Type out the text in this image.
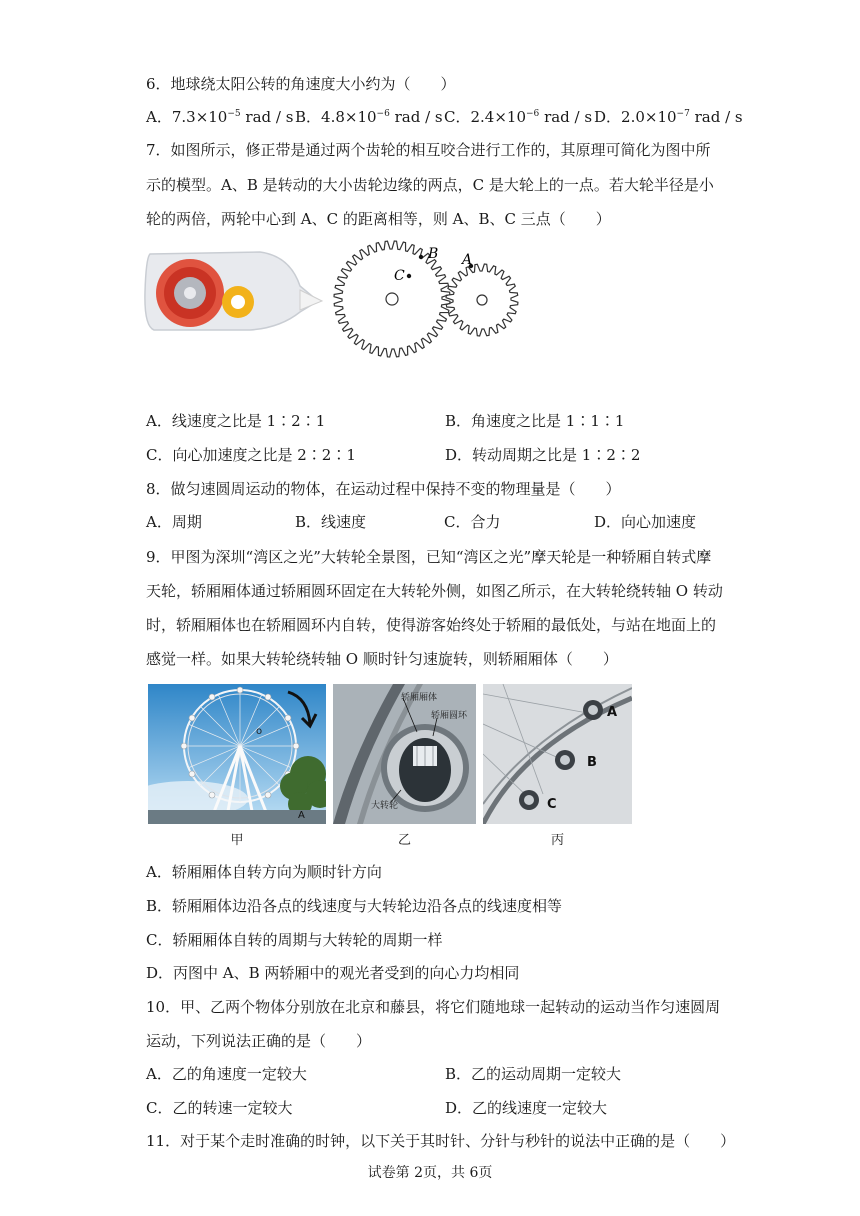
6．地球绕太阳公转的角速度大小约为（　　）
A．$7.3\times 10^{-5}$ rad / s B．$4.8\times 10^{-6}$ rad / s C．$2.4\times 10^{-6}$ rad / s D．$2.0\times 10^{-7}$ rad / s
7．如图所示，修正带是通过两个齿轮的相互咬合进行工作的，其原理可简化为图中所
示的模型。A、B 是转动的大小齿轮边缘的两点，C 是大轮上的一点。若大轮半径是小
轮的两倍，两轮中心到 A、C 的距离相等，则 A、B、C 三点（　　）
B
C
A
A．线速度之比是 1∶2∶1	B．角速度之比是 1∶1∶1
C．向心加速度之比是 2∶2∶1	D．转动周期之比是 1∶2∶2
8．做匀速圆周运动的物体，在运动过程中保持不变的物理量是（　　）
A．周期	B．线速度	C．合力	D．向心加速度
9．甲图为深圳“湾区之光”大转轮全景图，已知“湾区之光”摩天轮是一种轿厢自转式摩
天轮，轿厢厢体通过轿厢圆环固定在大转轮外侧，如图乙所示，在大转轮绕转轴 O 转动
时，轿厢厢体也在轿厢圆环内自转，使得游客始终处于轿厢的最低处，与站在地面上的
感觉一样。如果大转轮绕转轴 O 顺时针匀速旋转，则轿厢厢体（　　）
o
A
甲
轿厢厢体
轿厢圆环
大转轮
乙
A
B
C
丙
A．轿厢厢体自转方向为顺时针方向
B．轿厢厢体边沿各点的线速度与大转轮边沿各点的线速度相等
C．轿厢厢体自转的周期与大转轮的周期一样
D．丙图中 A、B 两轿厢中的观光者受到的向心力均相同
10．甲、乙两个物体分别放在北京和藤县，将它们随地球一起转动的运动当作匀速圆周
运动，下列说法正确的是（　　）
A．乙的角速度一定较大	B．乙的运动周期一定较大
C．乙的转速一定较大	D．乙的线速度一定较大
11．对于某个走时准确的时钟，以下关于其时针、分针与秒针的说法中正确的是（　　）
试卷第 2页，共 6页
